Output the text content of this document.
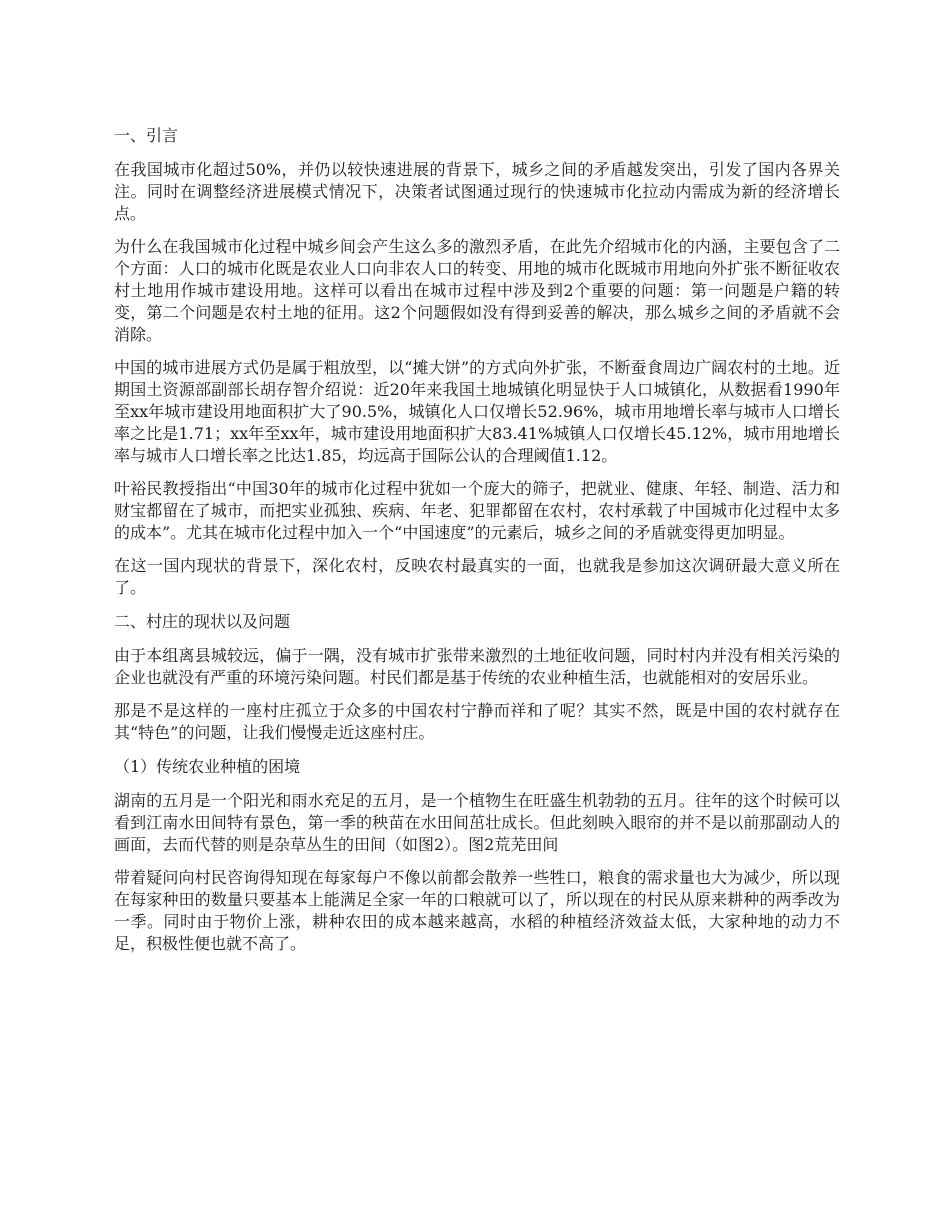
一、引言

在我国城市化超过50%，并仍以较快速进展的背景下，城乡之间的矛盾越发突出，引发了国内各界关注。同时在调整经济进展模式情况下，决策者试图通过现行的快速城市化拉动内需成为新的经济增长点。

为什么在我国城市化过程中城乡间会产生这么多的激烈矛盾，在此先介绍城市化的内涵，主要包含了二个方面：人口的城市化既是农业人口向非农人口的转变、用地的城市化既城市用地向外扩张不断征收农村土地用作城市建设用地。这样可以看出在城市过程中涉及到2个重要的问题：第一问题是户籍的转变，第二个问题是农村土地的征用。这2个问题假如没有得到妥善的解决，那么城乡之间的矛盾就不会消除。

中国的城市进展方式仍是属于粗放型，以“摊大饼”的方式向外扩张，不断蚕食周边广阔农村的土地。近期国土资源部副部长胡存智介绍说：近20年来我国土地城镇化明显快于人口城镇化，从数据看1990年至xx年城市建设用地面积扩大了90.5%，城镇化人口仅增长52.96%，城市用地增长率与城市人口增长率之比是1.71；xx年至xx年，城市建设用地面积扩大83.41%城镇人口仅增长45.12%，城市用地增长率与城市人口增长率之比达1.85，均远高于国际公认的合理阈值1.12。

叶裕民教授指出“中国30年的城市化过程中犹如一个庞大的筛子，把就业、健康、年轻、制造、活力和财宝都留在了城市，而把实业孤独、疾病、年老、犯罪都留在农村，农村承载了中国城市化过程中太多的成本”。尤其在城市化过程中加入一个“中国速度”的元素后，城乡之间的矛盾就变得更加明显。

在这一国内现状的背景下，深化农村，反映农村最真实的一面，也就我是参加这次调研最大意义所在了。

二、村庄的现状以及问题

由于本组离县城较远，偏于一隅，没有城市扩张带来激烈的土地征收问题，同时村内并没有相关污染的企业也就没有严重的环境污染问题。村民们都是基于传统的农业种植生活，也就能相对的安居乐业。

那是不是这样的一座村庄孤立于众多的中国农村宁静而祥和了呢？其实不然，既是中国的农村就存在其“特色”的问题，让我们慢慢走近这座村庄。

（1）传统农业种植的困境

湖南的五月是一个阳光和雨水充足的五月，是一个植物生在旺盛生机勃勃的五月。往年的这个时候可以看到江南水田间特有景色，第一季的秧苗在水田间茁壮成长。但此刻映入眼帘的并不是以前那副动人的画面，去而代替的则是杂草丛生的田间（如图2）。图2荒芜田间

带着疑问向村民咨询得知现在每家每户不像以前都会散养一些牲口，粮食的需求量也大为减少，所以现在每家种田的数量只要基本上能满足全家一年的口粮就可以了，所以现在的村民从原来耕种的两季改为一季。同时由于物价上涨，耕种农田的成本越来越高，水稻的种植经济效益太低，大家种地的动力不足，积极性便也就不高了。
